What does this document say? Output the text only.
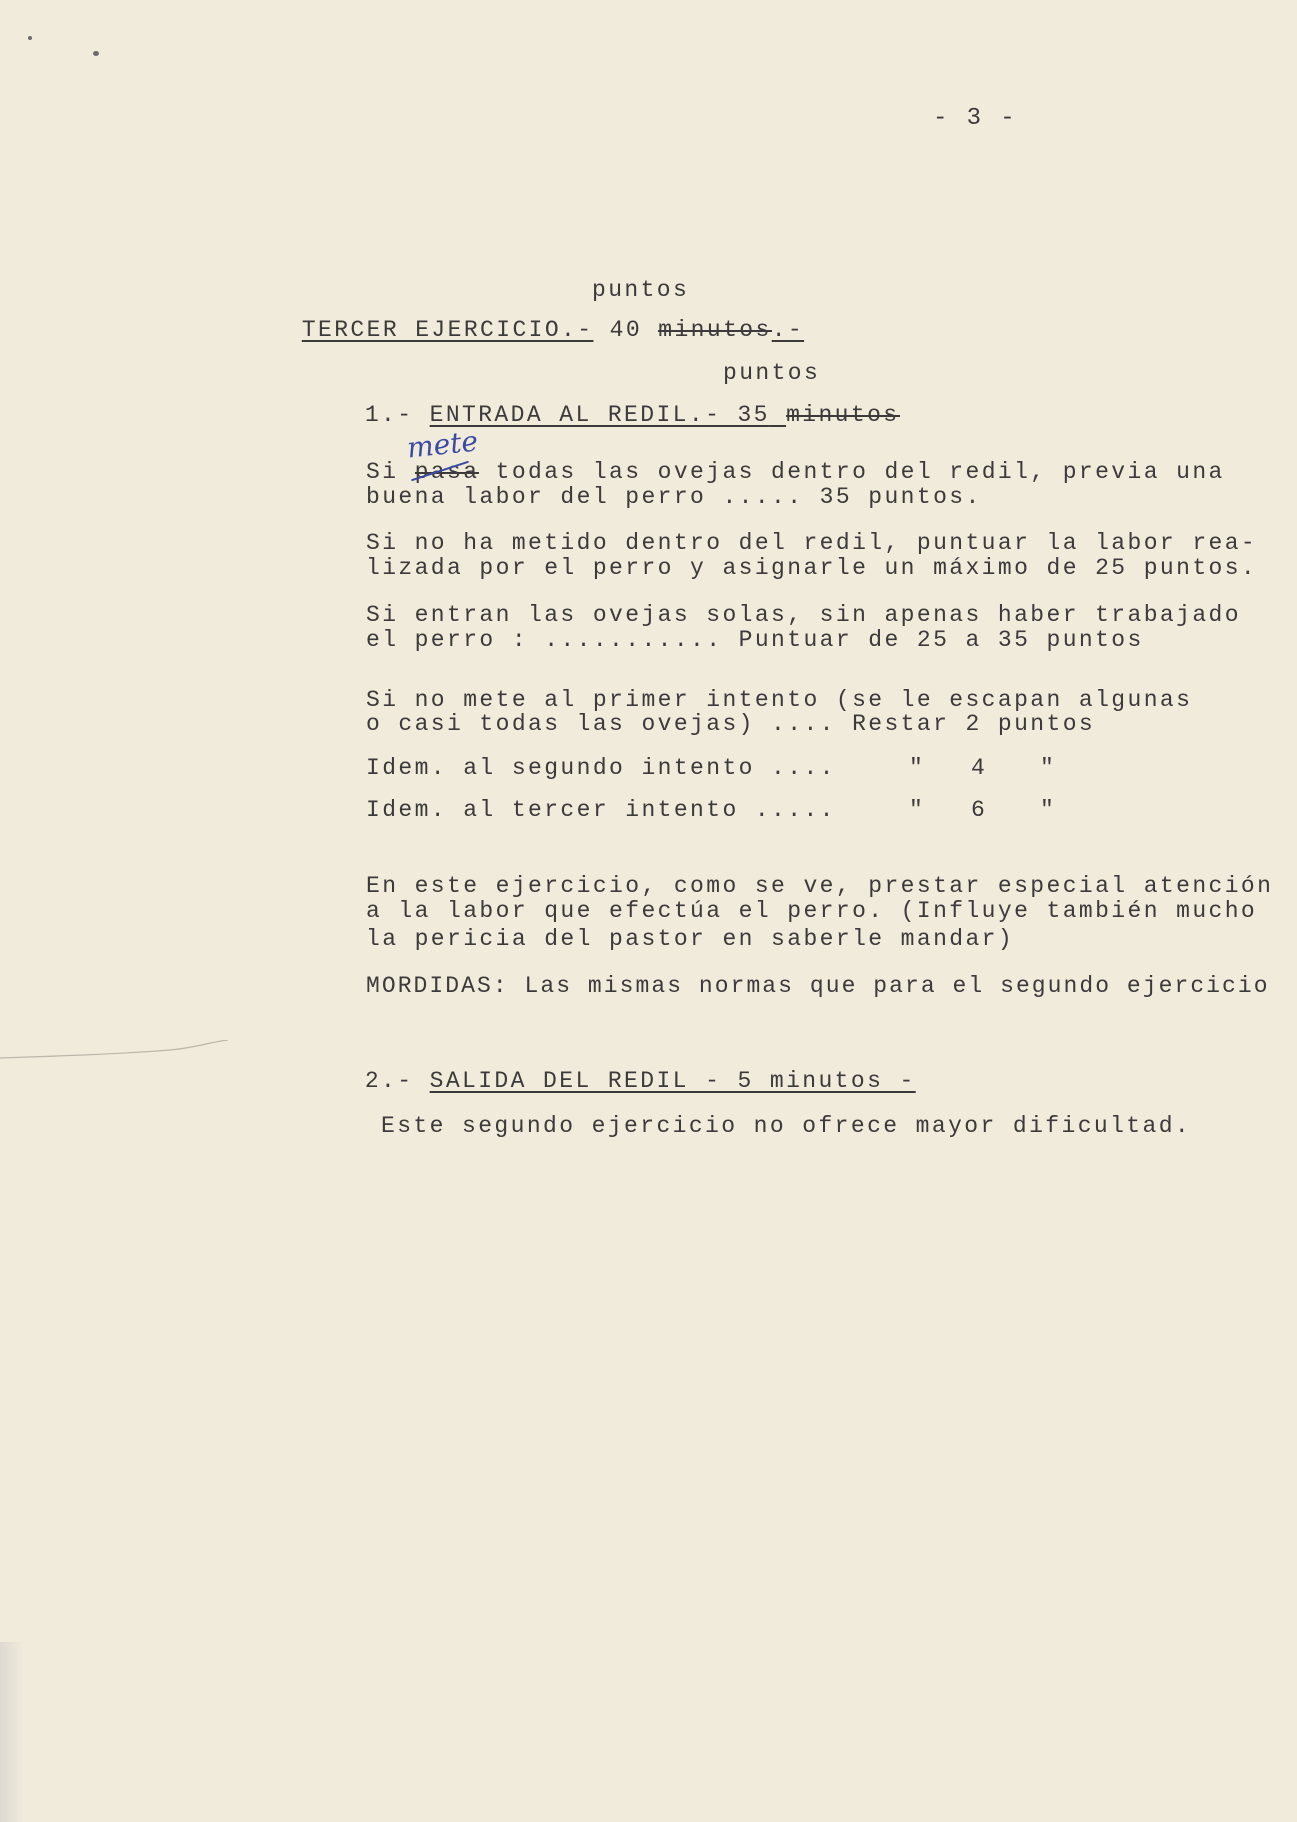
- 3 -

TERCER EJERCICIO.- 40 minutos.-

puntos

1.- ENTRADA AL REDIL.- 35 minutos

puntos
Si pasa todas las ovejas dentro del redil, previa una
mete
buena labor del perro ..... 35 puntos.
Si no ha metido dentro del redil, puntuar la labor rea-
lizada por el perro y asignarle un máximo de 25 puntos.
Si entran las ovejas solas, sin apenas haber trabajado
el perro : ........... Puntuar de 25 a 35 puntos
Si no mete al primer intento (se le escapan algunas
o casi todas las ovejas) .... Restar 2 puntos
Idem. al segundo intento ....	" 4 "
Idem. al tercer intento .....	" 6 "
En este ejercicio, como se ve, prestar especial atención
a la labor que efectúa el perro. (Influye también mucho
la pericia del pastor en saberle mandar)
MORDIDAS: Las mismas normas que para el segundo ejercicio

2.- SALIDA DEL REDIL - 5 minutos -

Este segundo ejercicio no ofrece mayor dificultad.
